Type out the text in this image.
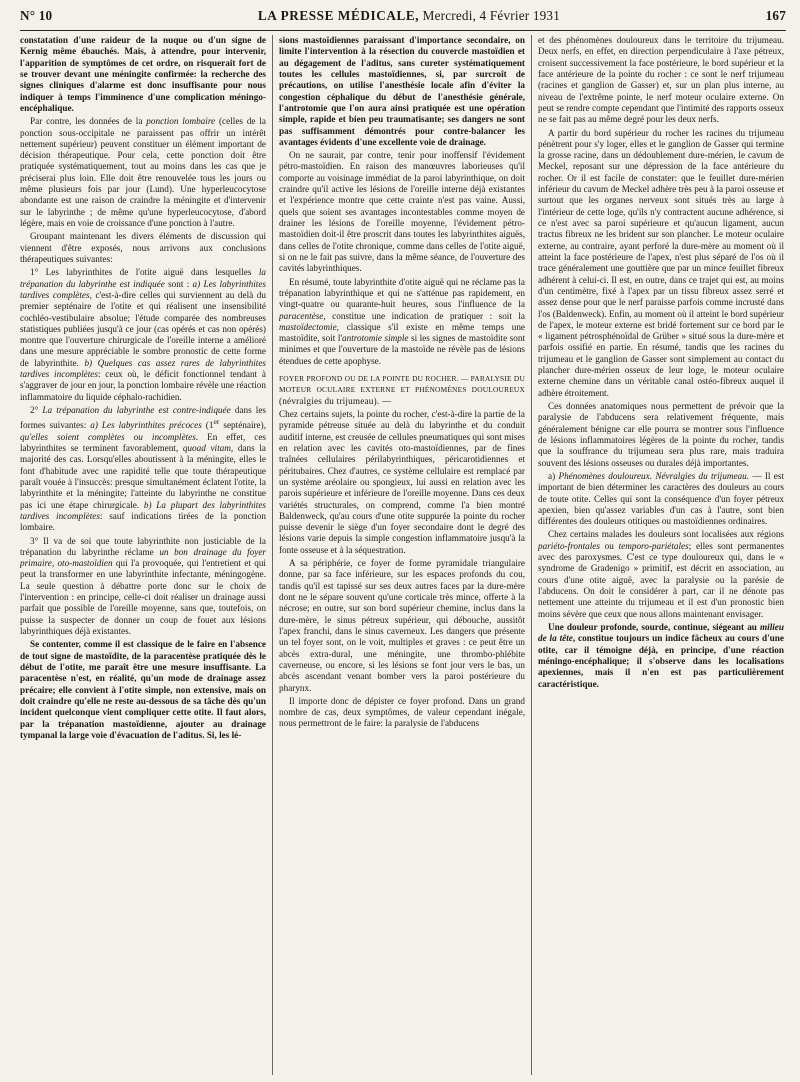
N° 10	LA PRESSE MÉDICALE, Mercredi, 4 Février 1931	167

constatation d'une raideur de la nuque ou d'un signe de Kernig même ébauchés. Mais, à attendre, pour intervenir, l'apparition de symptômes de cet ordre, on risquerait fort de se trouver devant une méningite confirmée: la recherche des signes cliniques d'alarme est donc insuffisante pour nous indiquer à temps l'imminence d'une complication méningo-encéphalique.

Par contre, les données de la ponction lombaire (celles de la ponction sous-occipitale ne paraissent pas offrir un intérêt nettement supérieur) peuvent constituer un élément important de décision thérapeutique. Pour cela, cette ponction doit être pratiquée systématiquement, tout au moins dans les cas que je préciserai plus loin. Elle doit être renouvelée tous les jours ou même plusieurs fois par jour (Lund). Une hyperleucocytose abondante est une raison de craindre la méningite et d'intervenir sur le labyrinthe ; de même qu'une hyperleucocytose, d'abord légère, mais en voie de croissance d'une ponction à l'autre.

Groupant maintenant les divers éléments de discussion qui viennent d'être exposés, nous arrivons aux conclusions thérapeutiques suivantes:

1° Les labyrinthites de l'otite aiguë dans lesquelles la trépanation du labyrinthe est indiquée sont : a) Les labyrinthites tardives complètes, c'est-à-dire celles qui surviennent au delà du premier septénaire de l'otite et qui réalisent une insensibilité cochléo-vestibulaire absolue; l'étude comparée des nombreuses statistiques publiées jusqu'à ce jour (cas opérés et cas non opérés) montre que l'ouverture chirurgicale de l'oreille interne a amélioré dans une mesure appréciable le sombre pronostic de cette forme de labyrinthite. b) Quelques cas assez rares de labyrinthites tardives incomplètes: ceux où, le déficit fonctionnel tendant à s'aggraver de jour en jour, la ponction lombaire révèle une réaction inflammatoire du liquide céphalo-rachidien.

2° La trépanation du labyrinthe est contre-indiquée dans les formes suivantes: a) Les labyrinthites précoces (1er septénaire), qu'elles soient complètes ou incomplètes. En effet, ces labyrinthites se terminent favorablement, quoad vitam, dans la majorité des cas. Lorsqu'elles aboutissent à la méningite, elles le font d'habitude avec une rapidité telle que toute thérapeutique paraît vouée à l'insuccès: presque simultanément éclatent l'otite, la labyrinthite et la méningite; l'atteinte du labyrinthe ne constitue pas ici une étape chirurgicale. b) La plupart des labyrinthites tardives incomplètes: sauf indications tirées de la ponction lombaire.

3° Il va de soi que toute labyrinthite non justiciable de la trépanation du labyrinthe réclame un bon drainage du foyer primaire, oto-mastoïdien qui l'a provoquée, qui l'entretient et qui peut la transformer en une labyrinthite infectante, méningogène. La seule question à débattre porte donc sur le choix de l'intervention : en principe, celle-ci doit réaliser un drainage aussi parfait que possible de l'oreille moyenne, sans que, toutefois, on puisse la suspecter de donner un coup de fouet aux lésions labyrinthiques déjà existantes.

Se contenter, comme il est classique de le faire en l'absence de tout signe de mastoïdite, de la paracentèse pratiquée dès le début de l'otite, me paraît être une mesure insuffisante. La paracentèse n'est, en réalité, qu'un mode de drainage assez précaire; elle convient à l'otite simple, non extensive, mais on doit craindre qu'elle ne reste au-dessous de sa tâche dès qu'un incident quelconque vient compliquer cette otite. Il faut alors, par la trépanation mastoïdienne, ajouter au drainage tympanal la large voie d'évacuation de l'aditus. Si, les lé-

sions mastoïdiennes paraissant d'importance secondaire, on limite l'intervention à la résection du couvercle mastoïdien et au dégagement de l'aditus, sans cureter systématiquement toutes les cellules mastoïdiennes, si, par surcroît de précautions, on utilise l'anesthésie locale afin d'éviter la congestion céphalique du début de l'anesthésie générale, l'antrotomie que l'on aura ainsi pratiquée est une opération simple, rapide et bien peu traumatisante; ses dangers ne sont pas suffisamment démontrés pour contre-balancer les avantages évidents d'une excellente voie de drainage.

On ne saurait, par contre, tenir pour inoffensif l'évidement pétro-mastoïdien. En raison des manœuvres laborieuses qu'il comporte au voisinage immédiat de la paroi labyrinthique, on doit craindre qu'il active les lésions de l'oreille interne déjà existantes et l'expérience montre que cette crainte n'est pas vaine. Aussi, quels que soient ses avantages incontestables comme moyen de drainer les lésions de l'oreille moyenne, l'évidement pétro-mastoïdien doit-il être proscrit dans toutes les labyrinthites aiguës, dans celles de l'otite chronique, comme dans celles de l'otite aiguë, si on ne le fait pas suivre, dans la même séance, de l'ouverture des cavités labyrinthiques.

En résumé, toute labyrinthite d'otite aiguë qui ne réclame pas la trépanation labyrinthique et qui ne s'atténue pas rapidement, en vingt-quatre ou quarante-huit heures, sous l'influence de la paracentèse, constitue une indication de pratiquer : soit la mastoïdectomie, classique s'il existe en même temps une mastoïdite, soit l'antrotomie simple si les signes de mastoïdite sont minimes et que l'ouverture de la mastoïde ne révèle pas de lésions étendues de cette apophyse.

FOYER PROFOND OU DE LA POINTE DU ROCHER. — PARALYSIE DU MOTEUR OCULAIRE EXTERNE ET PHÉNOMÈNES DOULOUREUX (névralgies du trijumeau). —

Chez certains sujets, la pointe du rocher, c'est-à-dire la partie de la pyramide pétreuse située au delà du labyrinthe et du conduit auditif interne, est creusée de cellules pneumatiques qui sont mises en relation avec les cavités oto-mastoïdiennes, par de fines traînées cellulaires périlabyrinthiques, péricarotidiennes et péritubaires. Chez d'autres, ce système cellulaire est remplacé par un système aréolaire ou spongieux, lui aussi en relation avec les parois supérieure et inférieure de l'oreille moyenne. Dans ces deux variétés structurales, on comprend, comme l'a bien montré Baldenweck, qu'au cours d'une otite suppurée la pointe du rocher puisse devenir le siège d'un foyer secondaire dont le degré des lésions varie depuis la simple congestion inflammatoire jusqu'à la fonte osseuse et à la séquestration.

A sa périphérie, ce foyer de forme pyramidale triangulaire donne, par sa face inférieure, sur les espaces profonds du cou, tandis qu'il est tapissé sur ses deux autres faces par la dure-mère dont ne le sépare souvent qu'une corticale très mince, offerte à la nécrose; en outre, sur son bord supérieur chemine, inclus dans la dure-mère, le sinus pétreux supérieur, qui débouche, aussitôt l'apex franchi, dans le sinus caverneux. Les dangers que présente un tel foyer sont, on le voit, multiples et graves : ce peut être un abcès extra-dural, une méningite, une thrombo-phlébite caverneuse, ou encore, si les lésions se font jour vers le bas, un abcès ascendant venant bomber vers la paroi postérieure du pharynx.

Il importe donc de dépister ce foyer profond. Dans un grand nombre de cas, deux symptômes, de valeur cependant inégale, nous permettront de le faire: la paralysie de l'abducens

et des phénomènes douloureux dans le territoire du trijumeau. Deux nerfs, en effet, en direction perpendiculaire à l'axe pétreux, croisent successivement la face postérieure, le bord supérieur et la face antérieure de la pointe du rocher : ce sont le nerf trijumeau (racines et ganglion de Gasser) et, sur un plan plus interne, au niveau de l'extrême pointe, le nerf moteur oculaire externe. On peut se rendre compte cependant que l'intimité des rapports osseux ne se fait pas au même degré pour les deux nerfs.

A partir du bord supérieur du rocher les racines du trijumeau pénètrent pour s'y loger, elles et le ganglion de Gasser qui termine la grosse racine, dans un dédoublement dure-mérien, le cavum de Meckel, reposant sur une dépression de la face antérieure du rocher. Or il est facile de constater: que le feuillet dure-mérien inférieur du cavum de Meckel adhère très peu à la paroi osseuse et surtout que les organes nerveux sont situés très au large à l'intérieur de cette loge, qu'ils n'y contractent aucune adhérence, si ce n'est avec sa paroi supérieure et qu'aucun ligament, aucun tractus fibreux ne les brident sur son plancher. Le moteur oculaire externe, au contraire, ayant perforé la dure-mère au moment où il atteint la face postérieure de l'apex, n'est plus séparé de l'os où il trace généralement une gouttière que par un mince feuillet fibreux adhérent à celui-ci. Il est, en outre, dans ce trajet qui est, au moins d'un centimètre, fixé à l'apex par un tissu fibreux assez serré et assez dense pour que le nerf paraisse parfois comme incrusté dans l'os (Baldenweck). Enfin, au moment où il atteint le bord supérieur de l'apex, le moteur externe est bridé fortement sur ce bord par le « ligament pétrosphénoïdal de Grüber » situé sous la dure-mère et parfois ossifié en partie. En résumé, tandis que les racines du trijumeau et le ganglion de Gasser sont simplement au contact du plancher dure-mérien osseux de leur loge, le moteur oculaire externe chemine dans un véritable canal ostéo-fibreux auquel il adhère étroitement.

Ces données anatomiques nous permettent de prévoir que la paralysie de l'abducens sera relativement fréquente, mais généralement bénigne car elle pourra se montrer sous l'influence de lésions inflammatoires légères de la pointe du rocher, tandis que la souffrance du trijumeau sera plus rare, mais traduira souvent des lésions osseuses ou durales déjà importantes.

a) Phénomènes douloureux. Névralgies du trijumeau. — Il est important de bien déterminer les caractères des douleurs au cours de toute otite. Celles qui sont la conséquence d'un foyer pétreux apexien, bien qu'assez variables d'un cas à l'autre, sont bien différentes des douleurs otitiques ou mastoïdiennes ordinaires.

Chez certains malades les douleurs sont localisées aux régions pariéto-frontales ou temporo-pariétales; elles sont permanentes avec des paroxysmes. C'est ce type douloureux qui, dans le « syndrome de Gradenigo » primitif, est décrit en association, au cours d'une otite aiguë, avec la paralysie ou la parésie de l'abducens. On doit le considérer à part, car il ne dénote pas nettement une atteinte du trijumeau et il est d'un pronostic bien moins sévère que ceux que nous allons maintenant envisager.

Une douleur profonde, sourde, continue, siégeant au milieu de la tête, constitue toujours un indice fâcheux au cours d'une otite, car il témoigne déjà, en principe, d'une réaction méningo-encéphalique; il s'observe dans les localisations apexiennes, mais il n'en est pas particulièrement caractéristique.
